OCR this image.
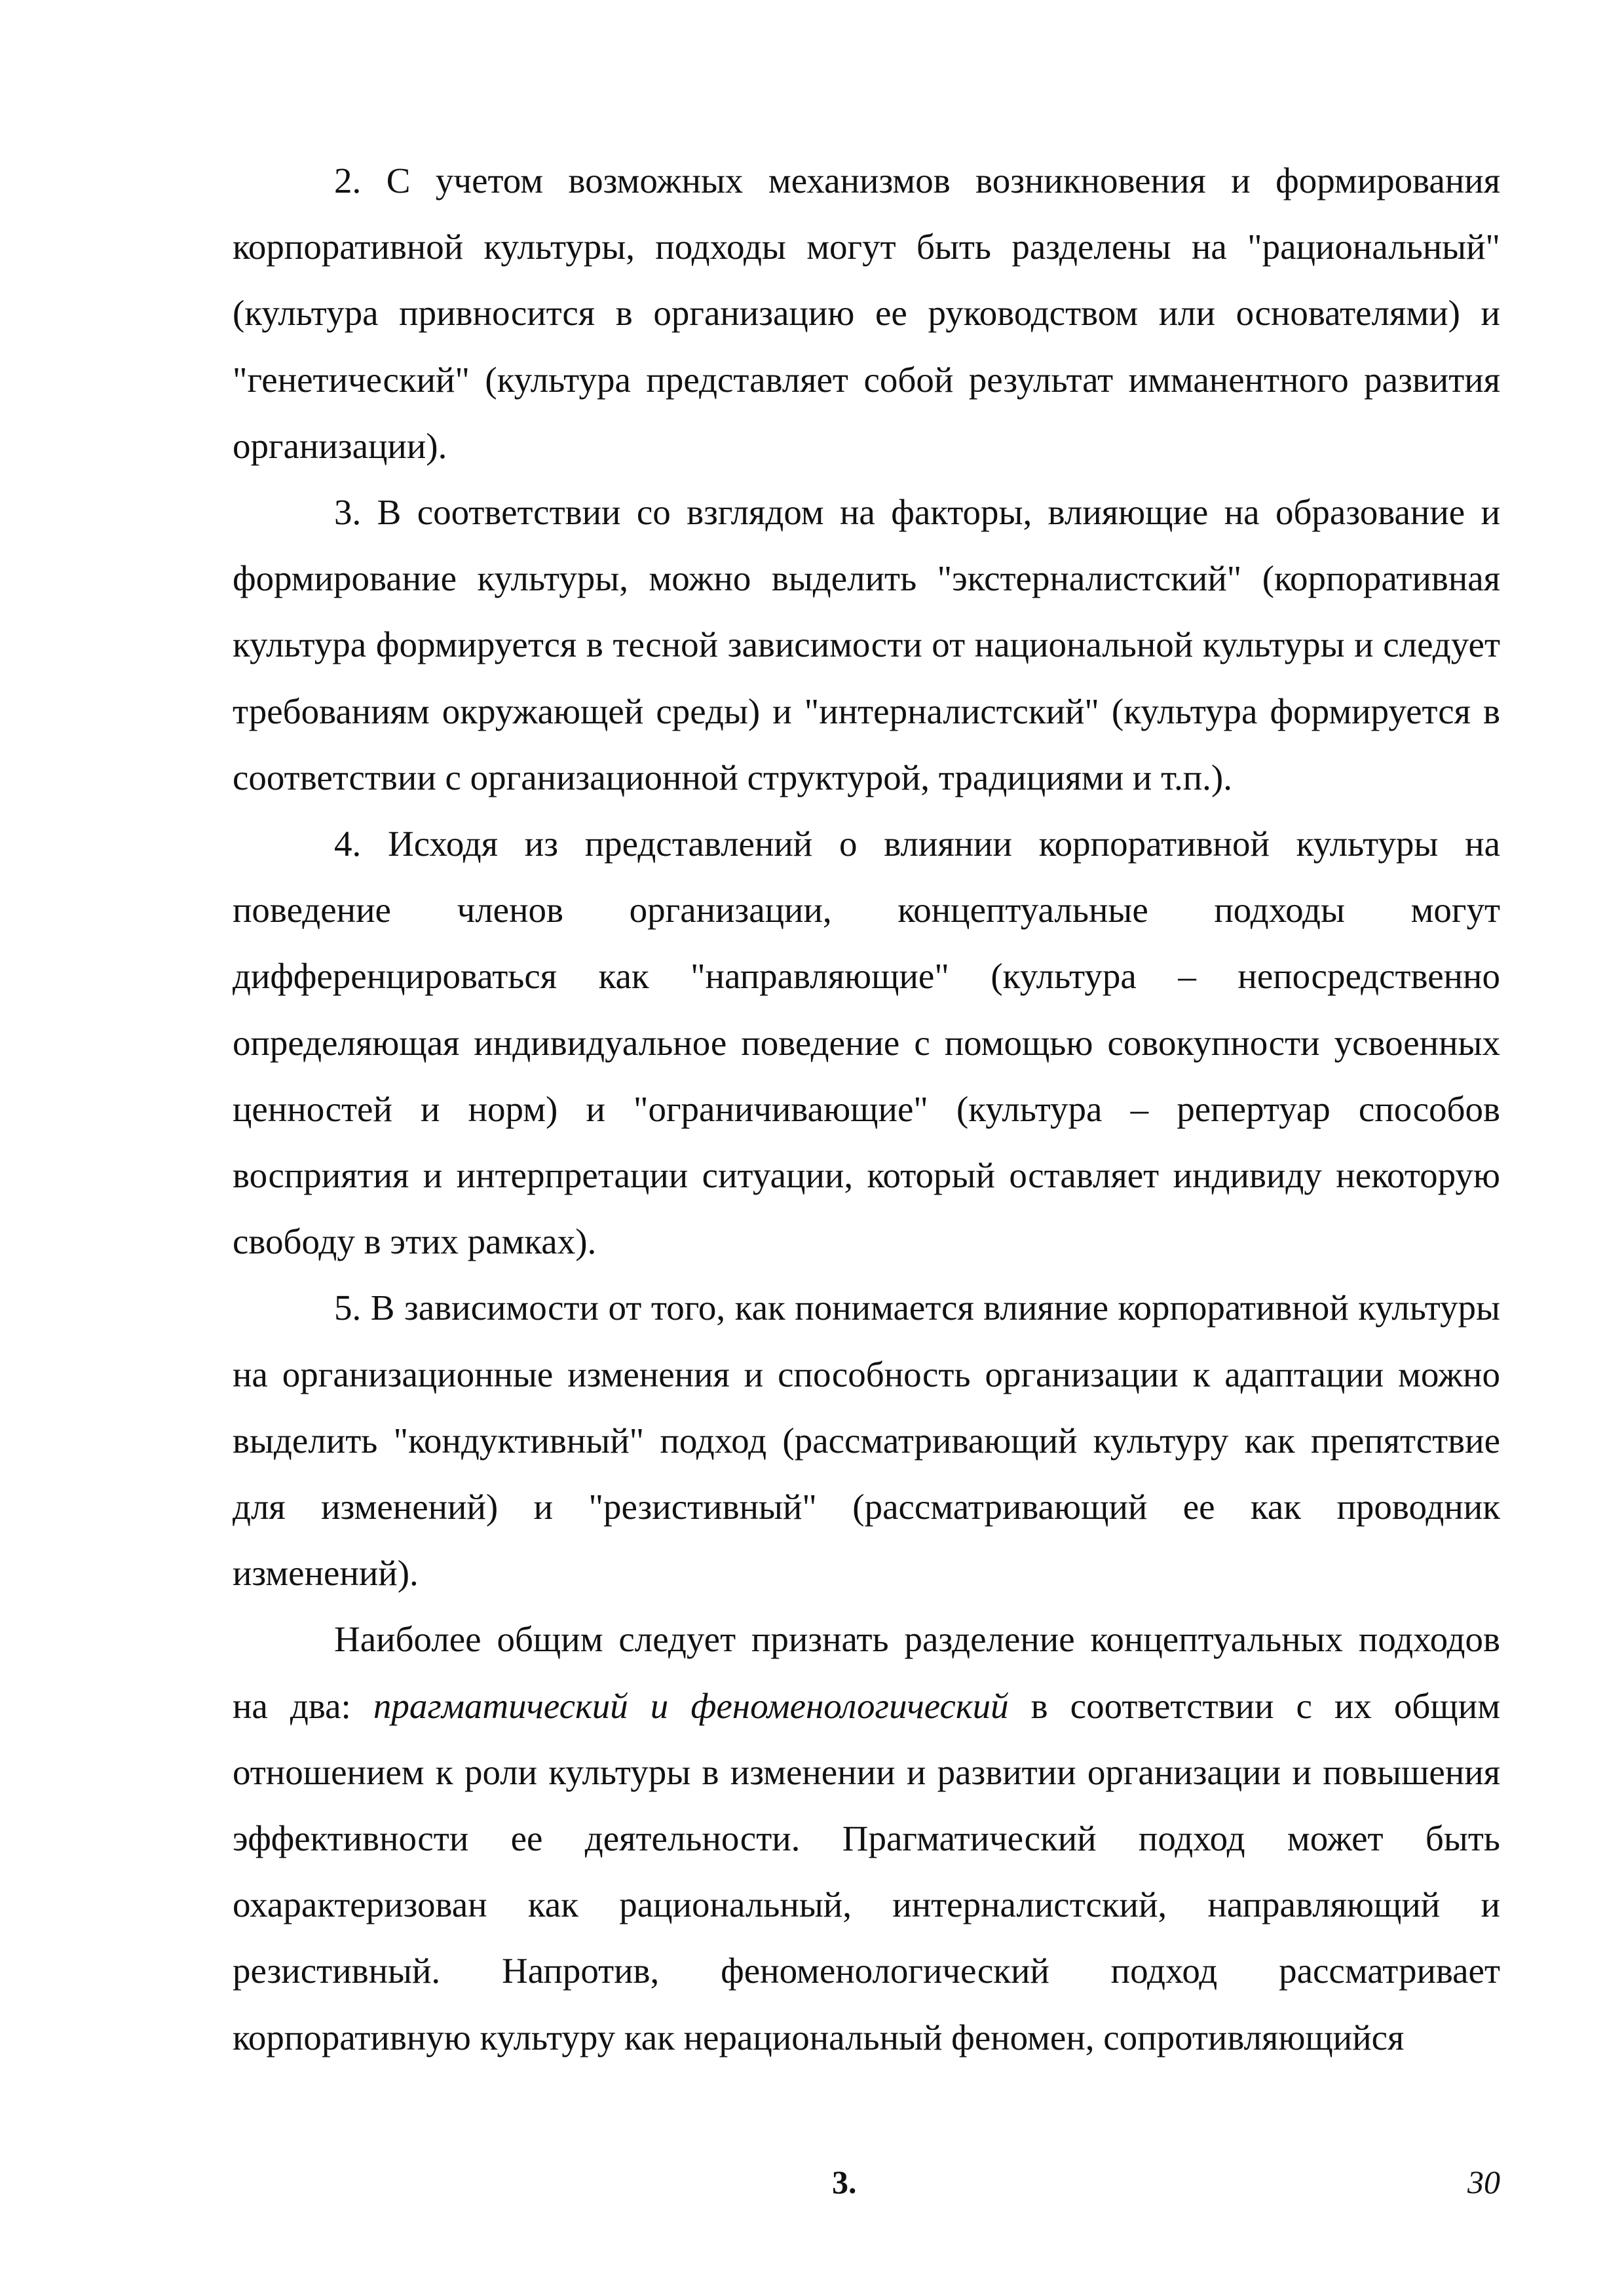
2. С учетом возможных механизмов возникновения и формирования корпоративной культуры, подходы могут быть разделены на "рациональный" (культура привносится в организацию ее руководством или основателями) и "генетический" (культура представляет собой результат имманентного развития организации).

3. В соответствии со взглядом на факторы, влияющие на образование и формирование культуры, можно выделить "экстерналистский" (корпоративная культура формируется в тесной зависимости от национальной культуры и следует требованиям окружающей среды) и "интерналистский" (культура формируется в соответствии с организационной структурой, традициями и т.п.).

4. Исходя из представлений о влиянии корпоративной культуры на поведение членов организации, концептуальные подходы могут дифференцироваться как "направляющие" (культура – непосредственно определяющая индивидуальное поведение с помощью совокупности усвоенных ценностей и норм) и "ограничивающие" (культура – репертуар способов восприятия и интерпретации ситуации, который оставляет индивиду некоторую свободу в этих рамках).

5. В зависимости от того, как понимается влияние корпоративной культуры на организационные изменения и способность организации к адаптации можно выделить "кондуктивный" подход (рассматривающий культуру как препятствие для изменений) и "резистивный" (рассматривающий ее как проводник изменений).

Наиболее общим следует признать разделение концептуальных подходов на два: прагматический и феноменологический в соответствии с их общим отношением к роли культуры в изменении и развитии организации и повышения эффективности ее деятельности. Прагматический подход может быть охарактеризован как рациональный, интерналистский, направляющий и резистивный. Напротив, феноменологический подход рассматривает корпоративную культуру как нерациональный феномен, сопротивляющийся

3.	30
